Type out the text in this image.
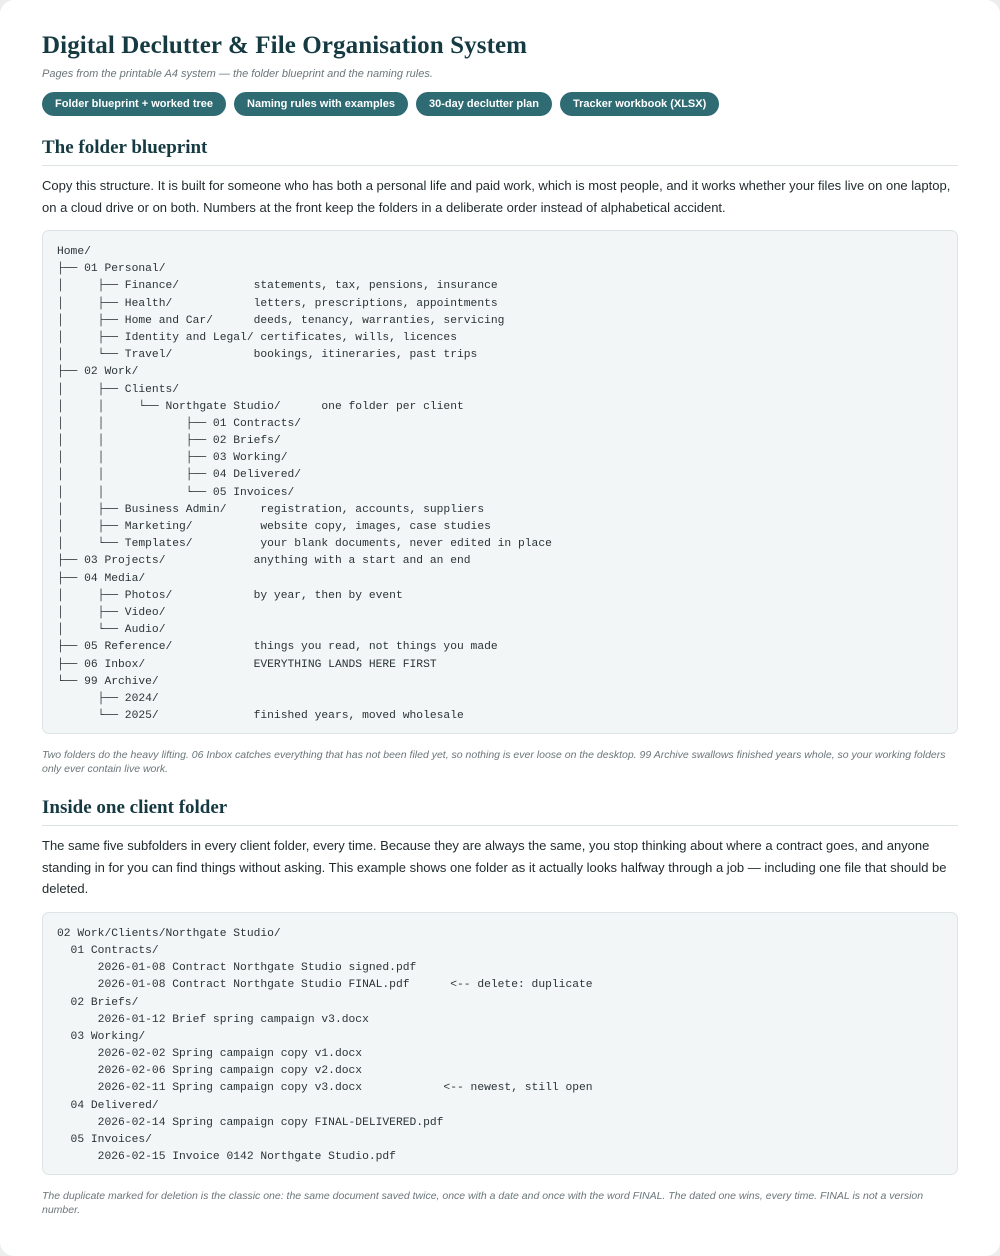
Digital Declutter & File Organisation System
Pages from the printable A4 system — the folder blueprint and the naming rules.
Folder blueprint + worked tree	Naming rules with examples	30-day declutter plan	Tracker workbook (XLSX)
The folder blueprint
Copy this structure. It is built for someone who has both a personal life and paid work, which is most people, and it works whether your files live on one laptop, on a cloud drive or on both. Numbers at the front keep the folders in a deliberate order instead of alphabetical accident.
Home/
├── 01 Personal/
│     ├── Finance/           statements, tax, pensions, insurance
│     ├── Health/            letters, prescriptions, appointments
│     ├── Home and Car/      deeds, tenancy, warranties, servicing
│     ├── Identity and Legal/ certificates, wills, licences
│     └── Travel/            bookings, itineraries, past trips
├── 02 Work/
│     ├── Clients/
│     │     └── Northgate Studio/      one folder per client
│     │            ├── 01 Contracts/
│     │            ├── 02 Briefs/
│     │            ├── 03 Working/
│     │            ├── 04 Delivered/
│     │            └── 05 Invoices/
│     ├── Business Admin/     registration, accounts, suppliers
│     ├── Marketing/          website copy, images, case studies
│     └── Templates/          your blank documents, never edited in place
├── 03 Projects/             anything with a start and an end
├── 04 Media/
│     ├── Photos/            by year, then by event
│     ├── Video/
│     └── Audio/
├── 05 Reference/            things you read, not things you made
├── 06 Inbox/                EVERYTHING LANDS HERE FIRST
└── 99 Archive/
├── 2024/
└── 2025/              finished years, moved wholesale
Two folders do the heavy lifting. 06 Inbox catches everything that has not been filed yet, so nothing is ever loose on the desktop. 99 Archive swallows finished years whole, so your working folders only ever contain live work.
Inside one client folder
The same five subfolders in every client folder, every time. Because they are always the same, you stop thinking about where a contract goes, and anyone standing in for you can find things without asking. This example shows one folder as it actually looks halfway through a job — including one file that should be deleted.
02 Work/Clients/Northgate Studio/
01 Contracts/
2026-01-08 Contract Northgate Studio signed.pdf
2026-01-08 Contract Northgate Studio FINAL.pdf      <-- delete: duplicate
02 Briefs/
2026-01-12 Brief spring campaign v3.docx
03 Working/
2026-02-02 Spring campaign copy v1.docx
2026-02-06 Spring campaign copy v2.docx
2026-02-11 Spring campaign copy v3.docx            <-- newest, still open
04 Delivered/
2026-02-14 Spring campaign copy FINAL-DELIVERED.pdf
05 Invoices/
2026-02-15 Invoice 0142 Northgate Studio.pdf
The duplicate marked for deletion is the classic one: the same document saved twice, once with a date and once with the word FINAL. The dated one wins, every time. FINAL is not a version number.
